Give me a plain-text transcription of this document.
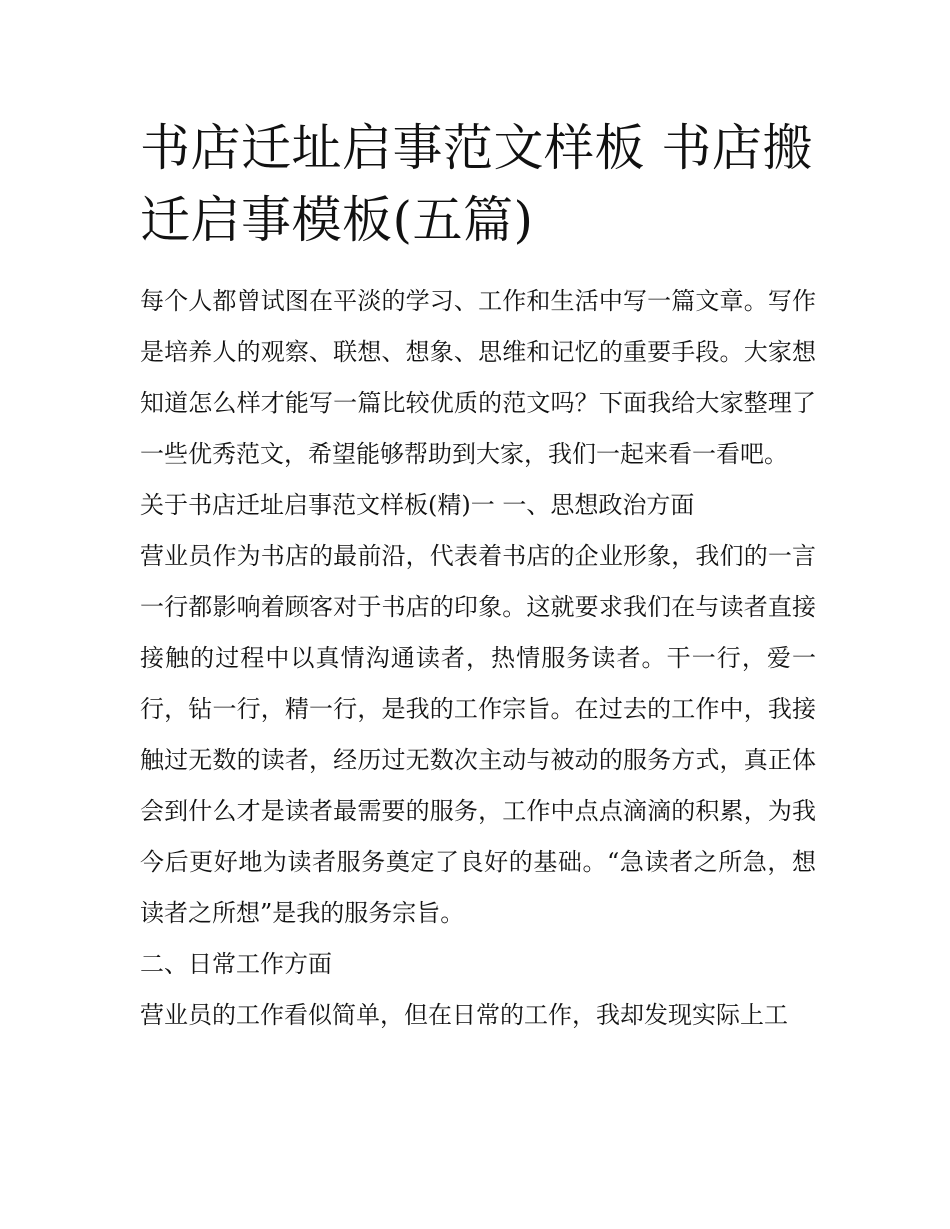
书店迁址启事范文样板 书店搬迁启事模板(五篇)

每个人都曾试图在平淡的学习、工作和生活中写一篇文章。写作是培养人的观察、联想、想象、思维和记忆的重要手段。大家想知道怎么样才能写一篇比较优质的范文吗？下面我给大家整理了一些优秀范文，希望能够帮助到大家，我们一起来看一看吧。

关于书店迁址启事范文样板(精)一 一、思想政治方面

营业员作为书店的最前沿，代表着书店的企业形象，我们的一言一行都影响着顾客对于书店的印象。这就要求我们在与读者直接接触的过程中以真情沟通读者，热情服务读者。干一行，爱一行，钻一行，精一行，是我的工作宗旨。在过去的工作中，我接触过无数的读者，经历过无数次主动与被动的服务方式，真正体会到什么才是读者最需要的服务，工作中点点滴滴的积累，为我今后更好地为读者服务奠定了良好的基础。“急读者之所急，想读者之所想”是我的服务宗旨。

二、日常工作方面

营业员的工作看似简单，但在日常的工作，我却发现实际上工
